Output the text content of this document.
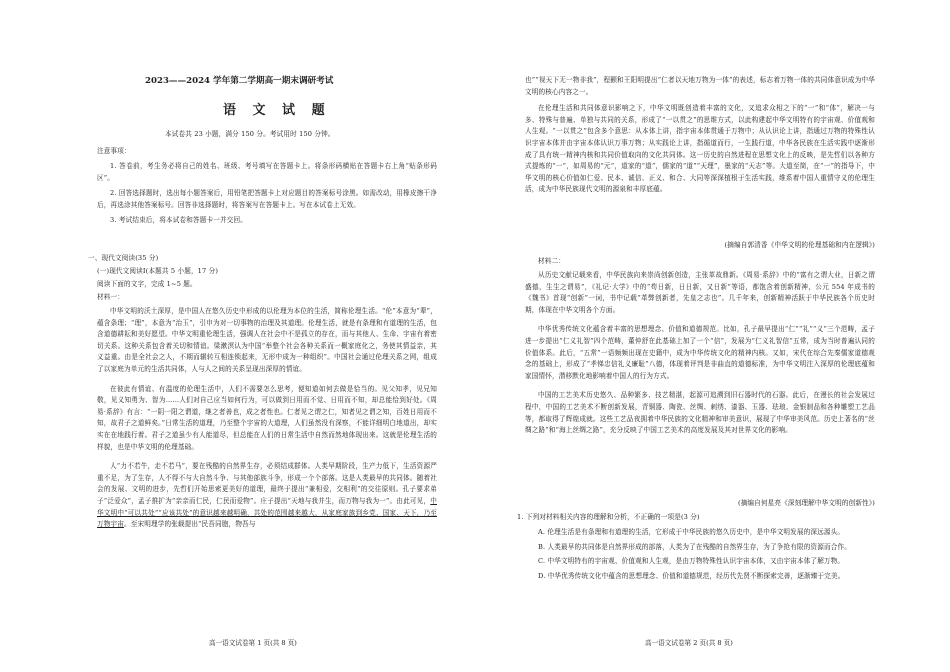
2023——2024 学年第二学期高一期末调研考试
语 文 试 题
本试卷共 23 小题，满分 150 分。考试用时 150 分钟。
注意事项：

1. 答卷前，考生务必将自己的姓名、班级、考号填写在答题卡上。将条形码横贴在答题卡右上角“贴条形码区”。

2. 回答选择题时，选出每小题答案后，用铅笔把答题卡上对应题目的答案标号涂黑。如需改动，用橡皮擦干净后，再选涂其他答案标号。回答非选择题时，将答案写在答题卡上。写在本试卷上无效。

3. 考试结束后，将本试卷和答题卡一并交回。

一、现代文阅读(35 分)
(一)现代文阅读Ⅰ(本题共 5 小题，17 分)
阅读下面的文字，完成 1~5 题。
材料一：

中华文明的沃土深厚，是中国人在悠久历史中形成的以伦理为本位的生活，简称伦理生活。“伦”本意为“辈”，蕴含条理；“理”，本意为“治玉”，引申为对一切事物的治理及其道理。伦理生活，就是有条理和有道理的生活，包含道德耕耘和美好愿望。中华文明重伦理生活，强调人在社会中不是孤立的存在，而与其他人、生命、宇宙有着密切关系。这种关系包含着关切和情谊。梁漱溟认为中国“举整个社会各种关系而一概家庭化之，务使其情益亲，其义益重。由是全社会之人，不期而辗转互相连锁起来，无形中成为一种组织”。中国社会通过伦理关系之网，组成了以家庭为单元的生活共同体，人与人之间的关系呈现出深厚的情谊。

在彼此有情谊、有温度的伦理生活中，人们不需要怎么思考，便知道如何去做是恰当的。见父知孝，见兄知敬，见义知勇为、智为……人们对自己应当如何行为，可以做到日用而不觉、日用而不知，却总能恰到好处。《周易·系辞》有言：“一阴一阳之谓道，继之者善也，成之者性也。仁者见之谓之仁，知者见之谓之知，百姓日用而不知，故君子之道鲜矣。”日常生活的道理，乃至整个宇宙的大道理，人们虽然没有深察，不能详细明白地道出，却实实在在地践行着。君子之道虽少有人能道尽，但总能在人们的日常生活中自然而然地体现出来。这就是伦理生活的样貌，也是中华文明的伦理基础。

人“力不若牛，走不若马”，要在残酷的自然界生存，必须结成群体。人类早期阶段，生产力低下，生活资源严重不足，为了生存，人不得不与大自然斗争、与其他部族斗争，形成一个个部落。这是人类最早的共同体。随着社会的发展、文明的进步，先哲们开始思索更美好的道理，最终于提出“兼相爱，交相利”的交往原则。孔子要求弟子“泛爱众”，孟子推扩为“亲亲而仁民，仁民而爱物”。庄子提出“天地与我并生，而万物与我为一”。由此可见，中华文明中“可以共处”“应该共处”的意识越来越明确，共处的范围越来越大，从家庭家族到乡党、国家、天下，乃至万物宇宙。至宋明理学的张载提出“民吾同胞，物吾与

高一语文试卷第 1 页(共 8 页)

也”“视天下无一物非我”，程颢和王阳明提出“仁者以天地万物为一体”的表述，标志着万物一体的共同体意识成为中华文明的核心内容之一。

在伦理生活和共同体意识影响之下，中华文明既创造着丰富的文化，又追求众相之下的“一”和“体”，解决一与多、特殊与普遍、单独与共同的关系，形成了“一以贯之”的思维方式，以此构建起中华文明特有的宇宙观、价值观和人生观。“一以贯之”包含多个意思：从本体上讲，指宇宙本体贯通于万物中；从认识论上讲，指通过万物的特殊性认识宇宙本体并由宇宙本体认识万事万物；从实践论上讲，指循道而行，一生践行道，中华各民族在生活实践中逐渐形成了具有统一精神内核和共同价值取向的文化共同体。这一历史的自然进程在思想文化上的反映，是先哲们以各种方式提炼的“一”，如周易的“元”，道家的“道”，儒家的“道”“天理”，墨家的“天志”等。大道至简，在“一”的指导下，中华文明的核心价值如仁爱、民本、诚信、正义、和合、大同等深深植根于生活实践，维系着中国人重情守义的伦理生活，成为中华民族现代文明的源泉和丰厚底蕴。

(摘编自郭清香《中华文明的伦理基础和内在逻辑》)
材料二：

从历史文献记载来看，中华民族向来崇尚创新创造，主张革故鼎新。《周易·系辞》中的“富有之谓大业，日新之谓盛德，生生之谓易”，《礼记·大学》中的“苟日新，日日新，又日新”等语，都饱含着创新精神，公元 554 年成书的《魏书》首现“创新”一词，书中记载“革弊创新者，先皇之志也”。几千年来，创新精神活跃于中华民族各个历史时期，体现在中华文明各个方面。

中华优秀传统文化蕴含着丰富的思想理念、价值和道德规范。比如，孔子最早提出“仁”“礼”“义”三个范畴，孟子进一步提出“仁义礼智”四个范畴，董仲舒在此基础上加了一个“信”，发展为“仁义礼智信”五常，成为当时普遍认同的价值体系。此后，“五常”一语频频出现在史籍中，成为中华传统文化的精神内核。又如，宋代在综合先秦儒家道德观念的基础上，形成了“孝悌忠信礼义廉耻”八德，体现着评判是非曲直的道德标准，为中华文明注入深厚的伦理底蕴和家国情怀，潜移默化地影响着中国人的行为方式。

中国的工艺美术历史悠久、品种繁多、技艺精湛，起源可追溯到旧石器时代的石器。此后，在漫长的社会发展过程中，中国的工艺美术不断创新发展，青铜器、陶瓷、丝绸、刺绣、漆器、玉器、珐琅、金银制品和各种雕塑工艺品等，都取得了辉煌成就。这些工艺品夜拥着中华民族的文化精神和审美意识，展现了中华审美风范。历史上著名的“丝绸之路”和“海上丝绸之路”，充分反映了中国工艺美术的高度发展及其对世界文化的影响。

(摘编自何星亮《深刻理解中华文明的创新性》)
1. 下列对材料相关内容的理解和分析，不正确的一项是(3 分)

A. 伦理生活是有条理和有道理的生活，它形成于中华民族的悠久历史中，是中华文明发展的深远源头。

B. 人类最早的共同体是自然界形成的部落，人类为了在残酷的自然界生存，为了争抢有限的资源而合作。

C. 中华文明特有的宇宙观、价值观和人生观，是由万物特殊性认识宇宙本体，又由宇宙本体了解万物。

D. 中华优秀传统文化中蕴含的思想理念、价值和道德规范，经历代先贤不断探索完善，逐渐臻于完美。

高一语文试卷第 2 页(共 8 页)
